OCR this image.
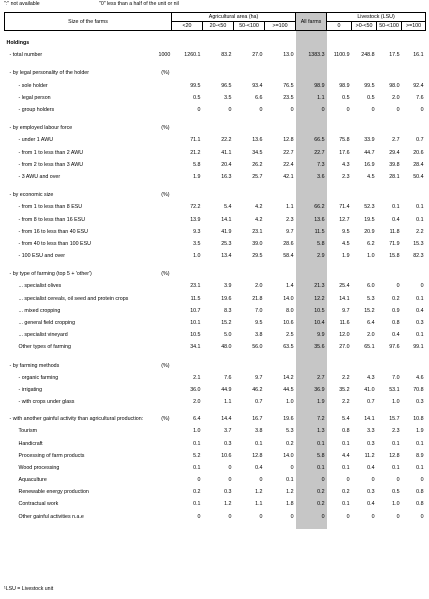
":" not available	"0" less than a half of the unit or nil
Size of the farms		Agricultural area (ha)				All farms	Livestock (LSU)			
		<20	20-<50	50-<100	>=100		0	>0-<50	50-<100	>=100

Holdings										
- total number	1000	1260.1	83.2	27.0	13.0	1383.3	1100.9	248.8	17.5	16.1

- by legal personality of the holder	(%)									
- sole holder		99.5	96.5	93.4	76.5	98.9	98.9	99.5	98.0	92.4
- legal person		0.5	3.5	6.6	23.5	1.1	0.5	0.5	2.0	7.6
- group holders		0	0	0	0	0	0	0	0	0

- by employed labour force	(%)									
- under 1 AWU		71.1	22.2	13.6	12.8	66.5	75.8	33.9	2.7	0.7
- from 1 to less than 2 AWU		21.2	41.1	34.5	22.7	22.7	17.6	44.7	29.4	20.6
- from 2 to less than 3 AWU		5.8	20.4	26.2	22.4	7.3	4.3	16.9	39.8	28.4
- 3 AWU and over		1.9	16.3	25.7	42.1	3.6	2.3	4.5	28.1	50.4

- by economic size	(%)									
- from 1 to less than 8 ESU		72.2	5.4	4.2	1.1	66.2	71.4	52.3	0.1	0.1
- from 8 to less than 16 ESU		13.9	14.1	4.2	2.3	13.6	12.7	19.5	0.4	0.1
- from 16 to less than 40 ESU		9.3	41.9	23.1	9.7	11.5	9.5	20.9	11.8	2.2
- from 40 to less than 100 ESU		3.5	25.3	39.0	28.6	5.8	4.5	6.2	71.9	15.3
- 100 ESU and over		1.0	13.4	29.5	58.4	2.9	1.9	1.0	15.8	82.3

- by type of farming (top 5 + 'other')	(%)									
... specialist olives		23.1	3.9	2.0	1.4	21.3	25.4	6.0	0	0
... specialist cereals, oil seed and protein crops		11.5	19.6	21.8	14.0	12.2	14.1	5.3	0.2	0.1
... mixed cropping		10.7	8.3	7.0	8.0	10.5	9.7	15.2	0.9	0.4
... general field cropping		10.1	15.2	9.5	10.6	10.4	11.6	6.4	0.8	0.3
... specialist vineyard		10.5	5.0	3.8	2.5	9.9	12.0	2.0	0.4	0.1
Other types of farming		34.1	48.0	56.0	63.5	35.6	27.0	65.1	97.6	99.1

- by farming methods	(%)									
- organic farming		2.1	7.6	9.7	14.2	2.7	2.2	4.3	7.0	4.6
- irrigating		36.0	44.9	46.2	44.5	36.9	35.2	41.0	53.1	70.8
- with crops under glass		2.0	1.1	0.7	1.0	1.9	2.2	0.7	1.0	0.3

- with another gainful activity than agricultural production:	(%)	6.4	14.4	16.7	19.6	7.2	5.4	14.1	15.7	10.8
Tourism		1.0	3.7	3.8	5.3	1.3	0.8	3.3	2.3	1.9
Handicraft		0.1	0.3	0.1	0.2	0.1	0.1	0.3	0.1	0.1
Processing of farm products		5.2	10.6	12.8	14.0	5.8	4.4	11.2	12.8	8.9
Wood processing		0.1	0	0.4	0	0.1	0.1	0.4	0.1	0.1
Aquaculture		0	0	0	0.1	0	0	0	0	0
Renewable energy production		0.2	0.3	1.2	1.2	0.2	0.2	0.3	0.5	0.8
Contractual work		0.1	1.2	1.1	1.8	0.2	0.1	0.4	1.0	0.8
Other gainful activities n.a.e		0	0	0	0	0	0	0	0	0

¹LSU = Livestock unit
